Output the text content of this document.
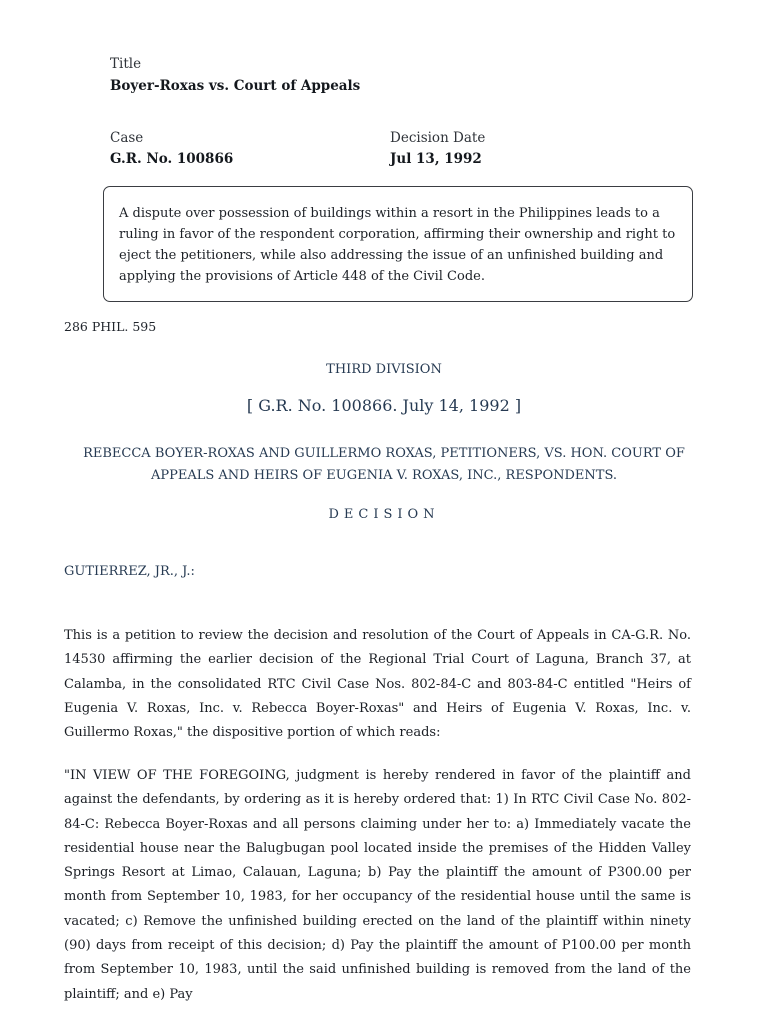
Title
Boyer-Roxas vs. Court of Appeals
Case
G.R. No. 100866
Decision Date
Jul 13, 1992

A dispute over possession of buildings within a resort in the Philippines leads to a ruling in favor of the respondent corporation, affirming their ownership and right to eject the petitioners, while also addressing the issue of an unfinished building and applying the provisions of Article 448 of the Civil Code.

286 PHIL. 595
THIRD DIVISION
[ G.R. No. 100866. July 14, 1992 ]
REBECCA BOYER-ROXAS AND GUILLERMO ROXAS, PETITIONERS, VS. HON. COURT OF APPEALS AND HEIRS OF EUGENIA V. ROXAS, INC., RESPONDENTS.
DECISION
GUTIERREZ, JR., J.:

This is a petition to review the decision and resolution of the Court of Appeals in CA-G.R. No. 14530 affirming the earlier decision of the Regional Trial Court of Laguna, Branch 37, at Calamba, in the consolidated RTC Civil Case Nos. 802-84-C and 803-84-C entitled "Heirs of Eugenia V. Roxas, Inc. v. Rebecca Boyer-Roxas" and Heirs of Eugenia V. Roxas, Inc. v. Guillermo Roxas," the dispositive portion of which reads:

"IN VIEW OF THE FOREGOING, judgment is hereby rendered in favor of the plaintiff and against the defendants, by ordering as it is hereby ordered that: 1) In RTC Civil Case No. 802-84-C: Rebecca Boyer-Roxas and all persons claiming under her to: a) Immediately vacate the residential house near the Balugbugan pool located inside the premises of the Hidden Valley Springs Resort at Limao, Calauan, Laguna; b) Pay the plaintiff the amount of P300.00 per month from September 10, 1983, for her occupancy of the residential house until the same is vacated; c) Remove the unfinished building erected on the land of the plaintiff within ninety (90) days from receipt of this decision; d) Pay the plaintiff the amount of P100.00 per month from September 10, 1983, until the said unfinished building is removed from the land of the plaintiff; and e) Pay
